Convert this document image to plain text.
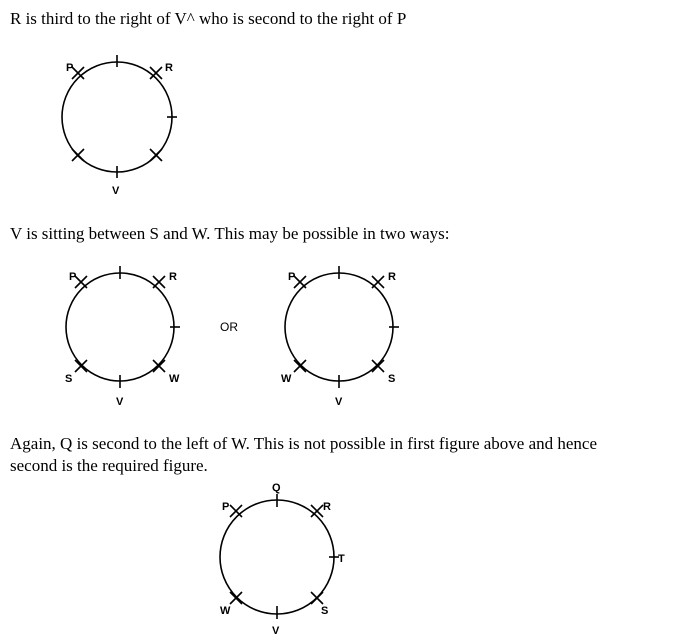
R is third to the right of V^ who is second to the right of P

V is sitting between S and W. This may be possible in two ways:

Again, Q is second to the left of W. This is not possible in first figure above and hence
second is the required figure.
P	R
V
P	R
S	W
V
OR
P	R
W	S
V
Q
P	R
T
W	S
V
